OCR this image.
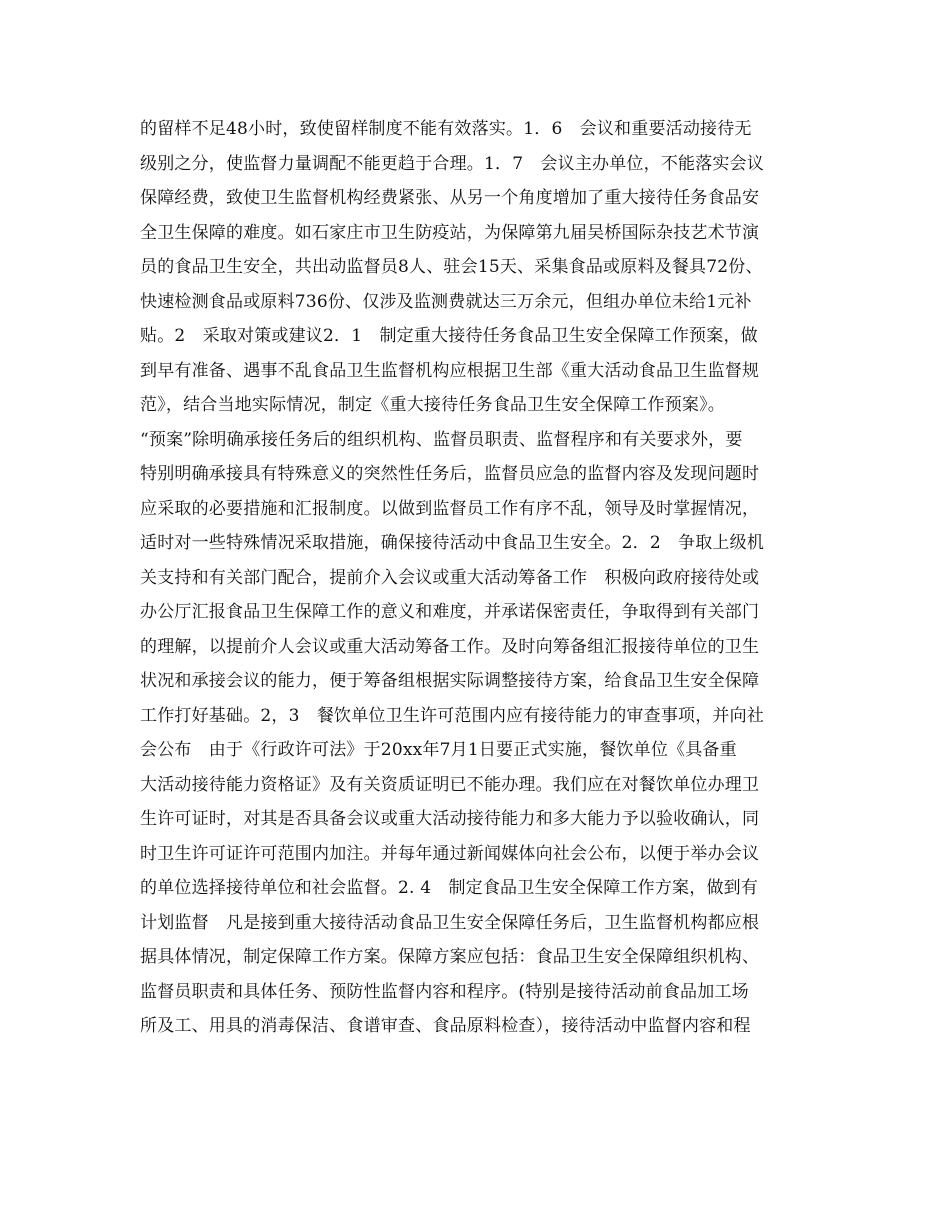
的留样不足48小时，致使留样制度不能有效落实。1．6　会议和重要活动接待无
级别之分，使监督力量调配不能更趋于合理。1．7　会议主办单位，不能落实会议
保障经费，致使卫生监督机构经费紧张、从另一个角度增加了重大接待任务食品安
全卫生保障的难度。如石家庄市卫生防疫站，为保障第九届吴桥国际杂技艺术节演
员的食品卫生安全，共出动监督员8人、驻会15天、采集食品或原料及餐具72份、
快速检测食品或原料736份、仅涉及监测费就达三万余元，但组办单位未给1元补
贴。2　采取对策或建议2．1　制定重大接待任务食品卫生安全保障工作预案，做
到早有准备、遇事不乱食品卫生监督机构应根据卫生部《重大活动食品卫生监督规
范》，结合当地实际情况，制定《重大接待任务食品卫生安全保障工作预案》。
“预案”除明确承接任务后的组织机构、监督员职责、监督程序和有关要求外，要
特别明确承接具有特殊意义的突然性任务后，监督员应急的监督内容及发现问题时
应采取的必要措施和汇报制度。以做到监督员工作有序不乱，领导及时掌握情况，
适时对一些特殊情况采取措施，确保接待活动中食品卫生安全。2．2　争取上级机
关支持和有关部门配合，提前介入会议或重大活动筹备工作　积极向政府接待处或
办公厅汇报食品卫生保障工作的意义和难度，并承诺保密责任，争取得到有关部门
的理解，以提前介人会议或重大活动筹备工作。及时向筹备组汇报接待单位的卫生
状况和承接会议的能力，便于筹备组根据实际调整接待方案，给食品卫生安全保障
工作打好基础。2，3　餐饮单位卫生许可范围内应有接待能力的审查事项，并向社
会公布　由于《行政许可法》于20xx年7月1日要正式实施，餐饮单位《具备重
大活动接待能力资格证》及有关资质证明已不能办理。我们应在对餐饮单位办理卫
生许可证时，对其是否具备会议或重大活动接待能力和多大能力予以验收确认，同
时卫生许可证许可范围内加注。并每年通过新闻媒体向社会公布，以便于举办会议
的单位选择接待单位和社会监督。2. 4　制定食品卫生安全保障工作方案，做到有
计划监督　凡是接到重大接待活动食品卫生安全保障任务后，卫生监督机构都应根
据具体情况，制定保障工作方案。保障方案应包括：食品卫生安全保障组织机构、
监督员职责和具体任务、预防性监督内容和程序。(特别是接待活动前食品加工场
所及工、用具的消毒保洁、食谱审查、食品原料检查），接待活动中监督内容和程
